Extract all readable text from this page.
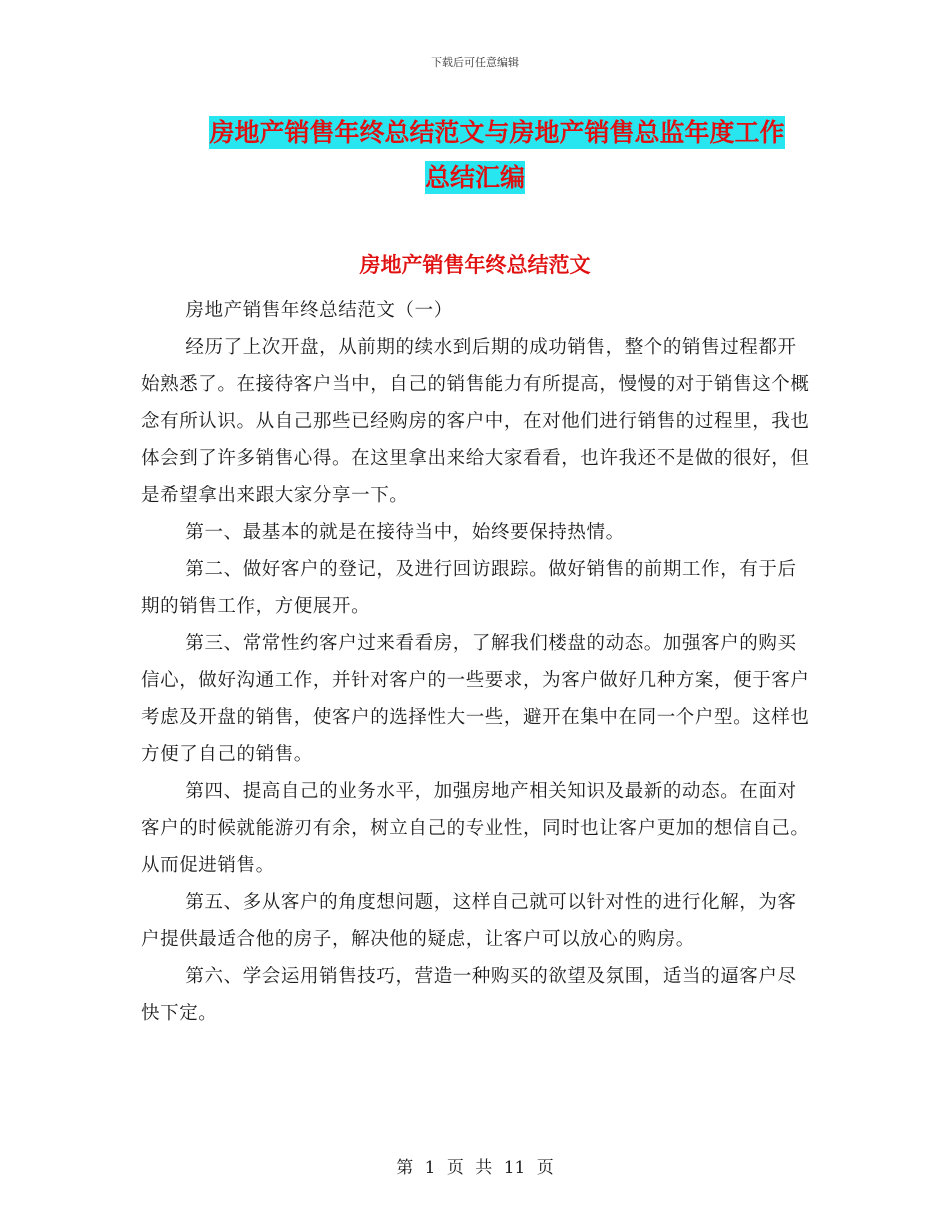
下载后可任意编辑
房地产销售年终总结范文与房地产销售总监年度工作
总结汇编
房地产销售年终总结范文

房地产销售年终总结范文（一）

经历了上次开盘，从前期的续水到后期的成功销售，整个的销售过程都开始熟悉了。在接待客户当中，自己的销售能力有所提高，慢慢的对于销售这个概念有所认识。从自己那些已经购房的客户中，在对他们进行销售的过程里，我也体会到了许多销售心得。在这里拿出来给大家看看，也许我还不是做的很好，但是希望拿出来跟大家分享一下。

第一、最基本的就是在接待当中，始终要保持热情。

第二、做好客户的登记，及进行回访跟踪。做好销售的前期工作，有于后期的销售工作，方便展开。

第三、常常性约客户过来看看房，了解我们楼盘的动态。加强客户的购买信心，做好沟通工作，并针对客户的一些要求，为客户做好几种方案，便于客户考虑及开盘的销售，使客户的选择性大一些，避开在集中在同一个户型。这样也方便了自己的销售。

第四、提高自己的业务水平，加强房地产相关知识及最新的动态。在面对客户的时候就能游刃有余，树立自己的专业性，同时也让客户更加的想信自己。从而促进销售。

第五、多从客户的角度想问题，这样自己就可以针对性的进行化解，为客户提供最适合他的房子，解决他的疑虑，让客户可以放心的购房。

第六、学会运用销售技巧，营造一种购买的欲望及氛围，适当的逼客户尽快下定。

第 1 页 共 11 页
